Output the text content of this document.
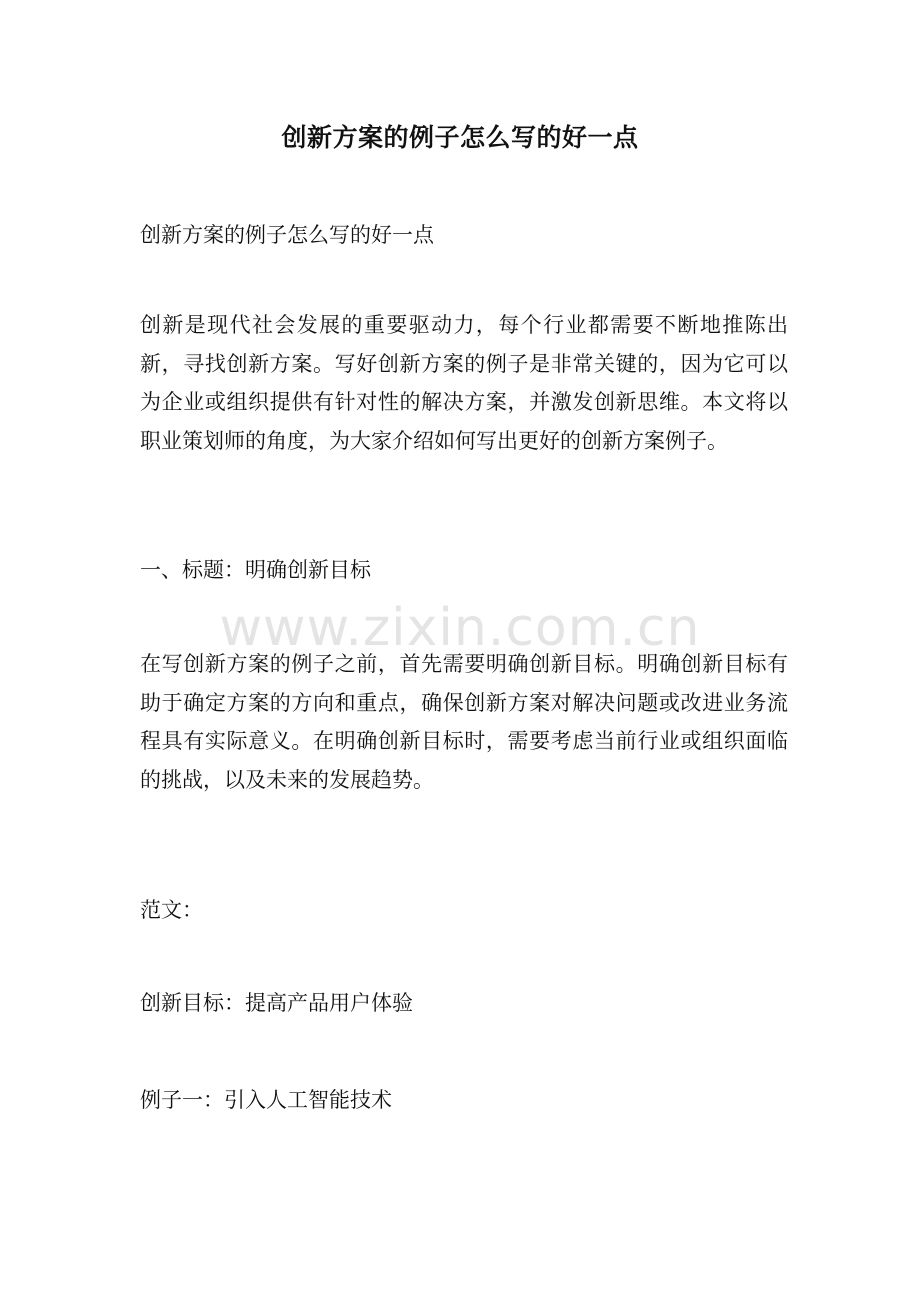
www.zixin.com.cn
创新方案的例子怎么写的好一点

创新方案的例子怎么写的好一点

创新是现代社会发展的重要驱动力，每个行业都需要不断地推陈出新，寻找创新方案。写好创新方案的例子是非常关键的，因为它可以为企业或组织提供有针对性的解决方案，并激发创新思维。本文将以职业策划师的角度，为大家介绍如何写出更好的创新方案例子。

一、标题：明确创新目标

在写创新方案的例子之前，首先需要明确创新目标。明确创新目标有助于确定方案的方向和重点，确保创新方案对解决问题或改进业务流程具有实际意义。在明确创新目标时，需要考虑当前行业或组织面临的挑战，以及未来的发展趋势。

范文：

创新目标：提高产品用户体验

例子一：引入人工智能技术
